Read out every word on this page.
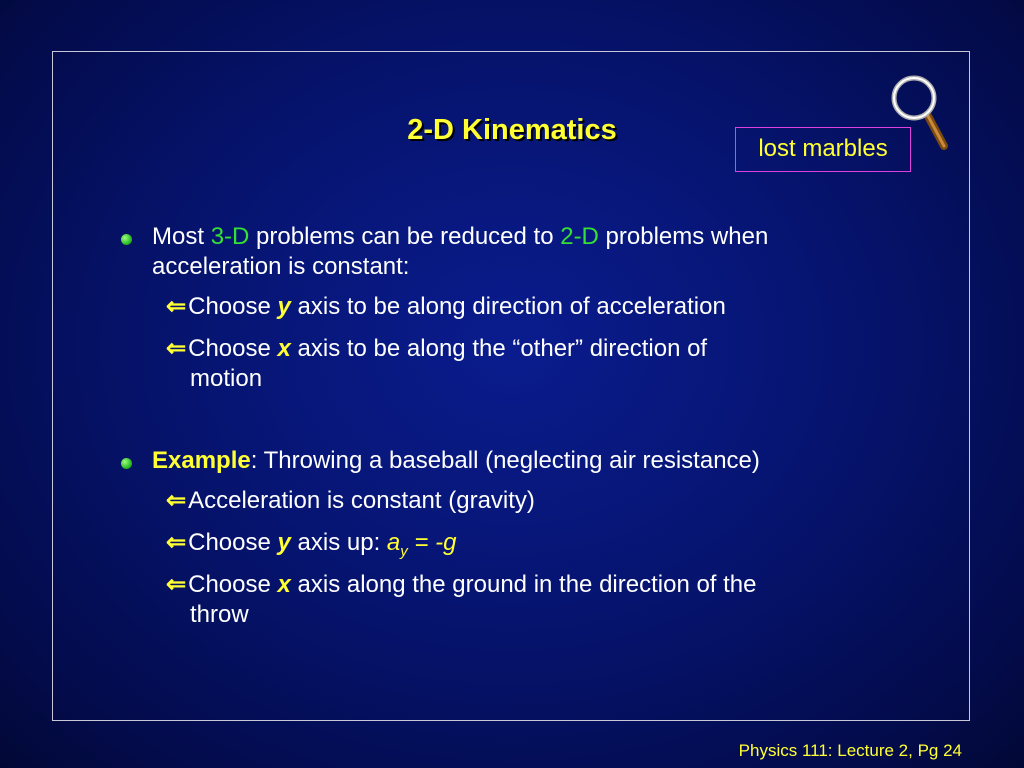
2-D Kinematics
lost marbles
Most 3-D problems can be reduced to 2-D problems when
acceleration is constant:
⇐Choose y axis to be along direction of acceleration
⇐Choose x axis to be along the “other” direction of
motion
Example: Throwing a baseball (neglecting air resistance)
⇐Acceleration is constant (gravity)
⇐Choose y axis up: $a_y = -g$
⇐Choose x axis along the ground in the direction of the
throw
Physics 111: Lecture 2, Pg 24
